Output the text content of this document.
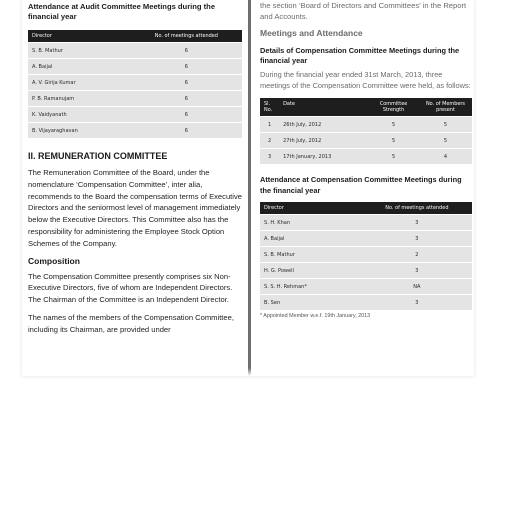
Attendance at Audit Committee Meetings during the financial year
Director	No. of meetings attended
S. B. Mathur	6
A. Baijal	6
A. V. Girija Kumar	6
P. B. Ramanujam	6
K. Vaidyanath	6
B. Vijayaraghavan	6
II. REMUNERATION COMMITTEE

The Remuneration Committee of the Board, under the nomenclature ‘Compensation Committee’, inter alia, recommends to the Board the compensation terms of Executive Directors and the seniormost level of management immediately below the Executive Directors. This Committee also has the responsibility for administering the Employee Stock Option Schemes of the Company.

Composition

The Compensation Committee presently comprises six Non-Executive Directors, five of whom are Independent Directors. The Chairman of the Committee is an Independent Director.

The names of the members of the Compensation Committee, including its Chairman, are provided under

the section ‘Board of Directors and Committees’ in the Report and Accounts.

Meetings and Attendance
Details of Compensation Committee Meetings during the financial year

During the financial year ended 31st March, 2013, three meetings of the Compensation Committee were held, as follows:

Sl. No.	Date	Committee Strength	No. of Members present
1	26th July, 2012	5	5
2	27th July, 2012	5	5
3	17th January, 2013	5	4
Attendance at Compensation Committee Meetings during the financial year
Director	No. of meetings attended
S. H. Khan	3
A. Baijal	3
S. B. Mathur	2
H. G. Powell	3
S. S. H. Rehman*	NA
B. Sen	3
* Appointed Member w.e.f. 19th January, 2013
